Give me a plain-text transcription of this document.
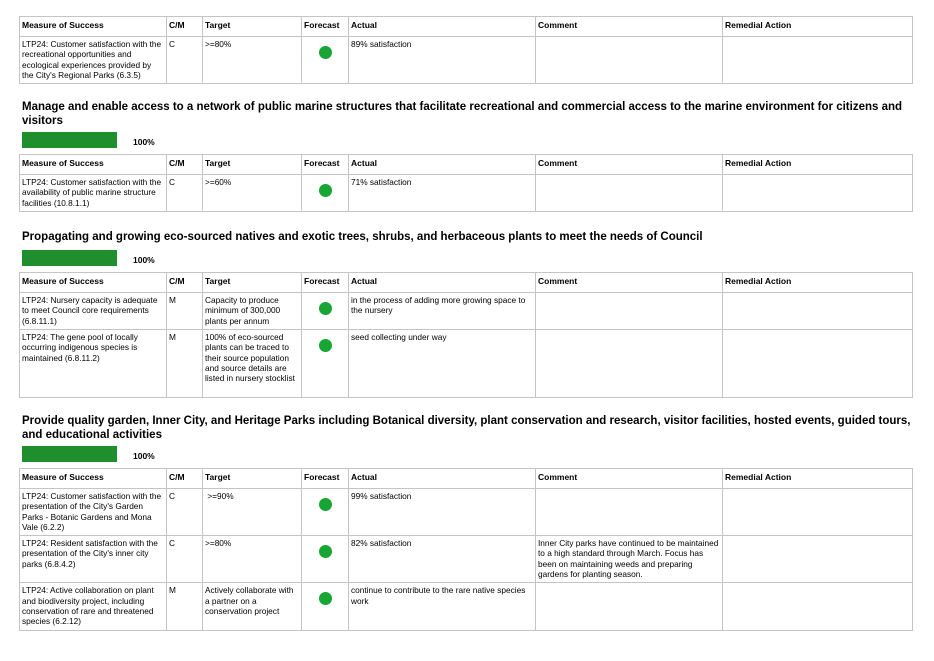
Measure of Success	C/M	Target	Forecast	Actual	Comment	Remedial Action
LTP24: Customer satisfaction with the recreational opportunities and ecological experiences provided by the City's Regional Parks (6.3.5)	C	>=80%		89% satisfaction		
Manage and enable access to a network of public marine structures that facilitate recreational and commercial access to the marine environment for citizens and visitors
100%
Measure of Success	C/M	Target	Forecast	Actual	Comment	Remedial Action
LTP24: Customer satisfaction with the availability of public marine structure facilities (10.8.1.1)	C	>=60%		71% satisfaction		
Propagating and growing eco-sourced natives and exotic trees, shrubs, and herbaceous plants to meet the needs of Council
100%
Measure of Success	C/M	Target	Forecast	Actual	Comment	Remedial Action
LTP24: Nursery capacity is adequate to meet Council core requirements (6.8.11.1)	M	Capacity to produce minimum of 300,000 plants per annum		in the process of adding more growing space to the nursery		
LTP24: The gene pool of locally occurring indigenous species is maintained (6.8.11.2)	M	100% of eco-sourced plants can be traced to their source population and source details are listed in nursery stocklist		seed collecting under way		
Provide quality garden, Inner City, and Heritage Parks including Botanical diversity, plant conservation and research, visitor facilities, hosted events, guided tours, and educational activities
100%
Measure of Success	C/M	Target	Forecast	Actual	Comment	Remedial Action
LTP24: Customer satisfaction with the presentation of the City's Garden Parks - Botanic Gardens and Mona Vale (6.2.2)	C	>=90%		99% satisfaction		
LTP24: Resident satisfaction with the presentation of the City's inner city parks (6.8.4.2)	C	>=80%		82% satisfaction	Inner City parks have continued to be maintained to a high standard through March. Focus has been on maintaining weeds and preparing gardens for planting season.	
LTP24: Active collaboration on plant and biodiversity project, including conservation of rare and threatened species (6.2.12)	M	Actively collaborate with a partner on a conservation project		continue to contribute to the rare native species work		
